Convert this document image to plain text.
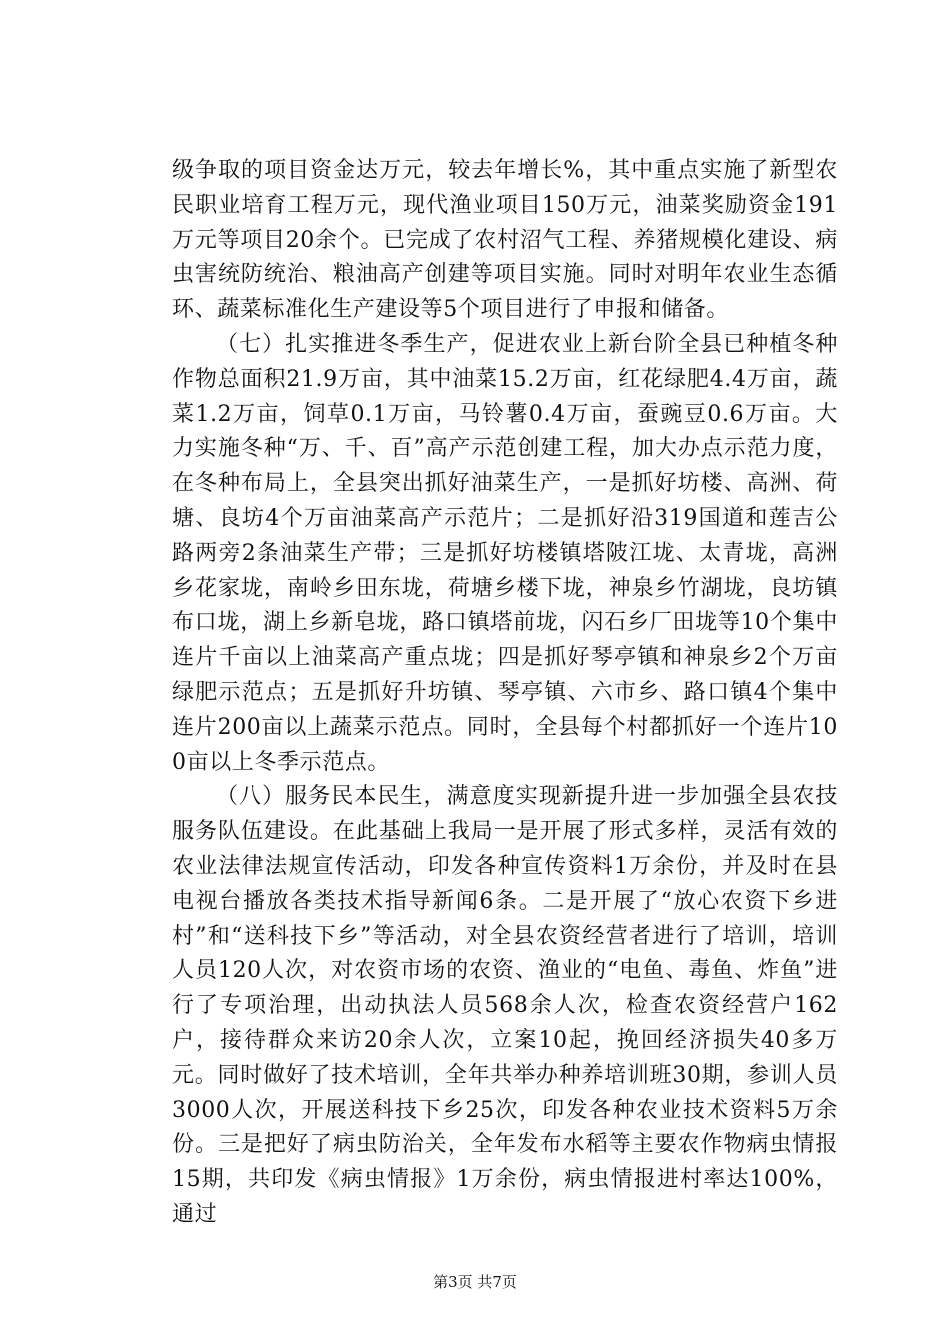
级争取的项目资金达万元，较去年增长%，其中重点实施了新型农民职业培育工程万元，现代渔业项目150万元，油菜奖励资金191万元等项目20余个。已完成了农村沼气工程、养猪规模化建设、病虫害统防统治、粮油高产创建等项目实施。同时对明年农业生态循环、蔬菜标准化生产建设等5个项目进行了申报和储备。

（七）扎实推进冬季生产，促进农业上新台阶全县已种植冬种作物总面积21.9万亩，其中油菜15.2万亩，红花绿肥4.4万亩，蔬菜1.2万亩，饲草0.1万亩，马铃薯0.4万亩，蚕豌豆0.6万亩。大力实施冬种“万、千、百”高产示范创建工程，加大办点示范力度，在冬种布局上，全县突出抓好油菜生产，一是抓好坊楼、高洲、荷塘、良坊4个万亩油菜高产示范片；二是抓好沿319国道和莲吉公路两旁2条油菜生产带；三是抓好坊楼镇塔陂江垅、太青垅，高洲乡花家垅，南岭乡田东垅，荷塘乡楼下垅，神泉乡竹湖垅，良坊镇布口垅，湖上乡新皂垅，路口镇塔前垅，闪石乡厂田垅等10个集中连片千亩以上油菜高产重点垅；四是抓好琴亭镇和神泉乡2个万亩绿肥示范点；五是抓好升坊镇、琴亭镇、六市乡、路口镇4个集中连片200亩以上蔬菜示范点。同时，全县每个村都抓好一个连片100亩以上冬季示范点。

（八）服务民本民生，满意度实现新提升进一步加强全县农技服务队伍建设。在此基础上我局一是开展了形式多样，灵活有效的农业法律法规宣传活动，印发各种宣传资料1万余份，并及时在县电视台播放各类技术指导新闻6条。二是开展了“放心农资下乡进村”和“送科技下乡”等活动，对全县农资经营者进行了培训，培训人员120人次，对农资市场的农资、渔业的“电鱼、毒鱼、炸鱼”进行了专项治理，出动执法人员568余人次，检查农资经营户162户，接待群众来访20余人次，立案10起，挽回经济损失40多万元。同时做好了技术培训，全年共举办种养培训班30期，参训人员3000人次，开展送科技下乡25次，印发各种农业技术资料5万余份。三是把好了病虫防治关，全年发布水稻等主要农作物病虫情报15期，共印发《病虫情报》1万余份，病虫情报进村率达100%，通过

第3页 共7页
